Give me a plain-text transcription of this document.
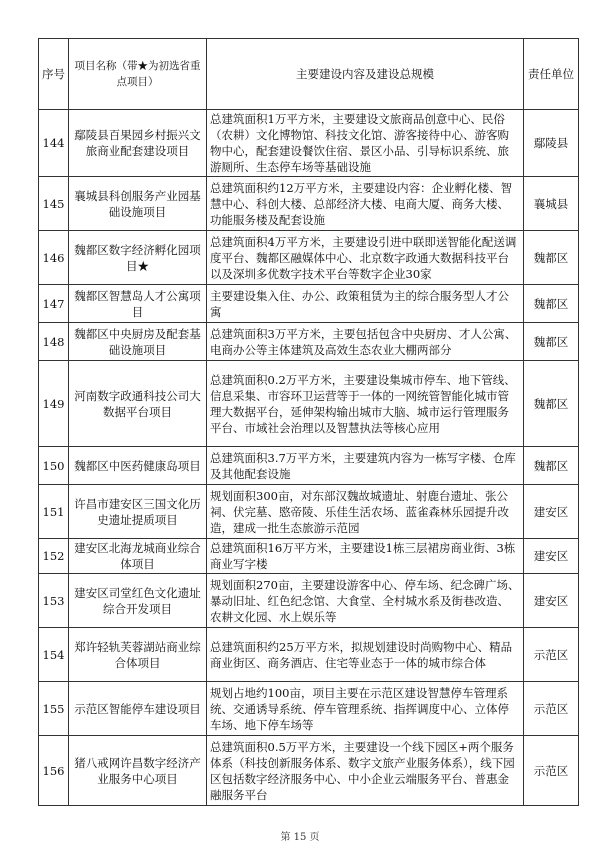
序号	项目名称（带★为初选省重点项目）	主要建设内容及建设总规模	责任单位
144	鄢陵县百果园乡村振兴文旅商业配套建设项目	总建筑面积1万平方米，主要建设文旅商品创意中心、民俗（农耕）文化博物馆、科技文化馆、游客接待中心、游客购物中心，配套建设餐饮住宿、景区小品、引导标识系统、旅游厕所、生态停车场等基础设施	鄢陵县
145	襄城县科创服务产业园基础设施项目	总建筑面积约12万平方米，主要建设内容：企业孵化楼、智慧中心、科创大楼、总部经济大楼、电商大厦、商务大楼、功能服务楼及配套设施	襄城县
146	魏都区数字经济孵化园项目★	总建筑面积4万平方米，主要建设引进中联即送智能化配送调度平台、魏都区融媒体中心、北京数字政通大数据科技平台以及深圳多优数字技术平台等数字企业30家	魏都区
147	魏都区智慧岛人才公寓项目	主要建设集入住、办公、政策租赁为主的综合服务型人才公寓	魏都区
148	魏都区中央厨房及配套基础设施项目	总建筑面积3万平方米，主要包括包含中央厨房、才人公寓、电商办公等主体建筑及高效生态农业大棚两部分	魏都区
149	河南数字政通科技公司大数据平台项目	总建筑面积0.2万平方米，主要建设集城市停车、地下管线、信息采集、市容环卫运营等于一体的一网统管智能化城市管理大数据平台，延伸架构输出城市大脑、城市运行管理服务平台、市域社会治理以及智慧执法等核心应用	魏都区
150	魏都区中医药健康岛项目	总建筑面积3.7万平方米，主要建筑内容为一栋写字楼、仓库及其他配套设施	魏都区
151	许昌市建安区三国文化历史遗址提质项目	规划面积300亩，对东部汉魏故城遗址、射鹿台遗址、张公祠、伏完墓、愍帝陵、乐佳生活农场、蓝雀森林乐园提升改造，建成一批生态旅游示范园	建安区
152	建安区北海龙城商业综合体项目	总建筑面积16万平方米，主要建设1栋三层裙房商业街、3栋商业写字楼	建安区
153	建安区司堂红色文化遗址综合开发项目	规划面积270亩，主要建设游客中心、停车场、纪念碑广场、暴动旧址、红色纪念馆、大食堂、全村城水系及街巷改造、农耕文化园、水上娱乐等	建安区
154	郑许轻轨芙蓉湖站商业综合体项目	总建筑面积约25万平方米，拟规划建设时尚购物中心、精品商业街区、商务酒店、住宅等业态于一体的城市综合体	示范区
155	示范区智能停车建设项目	规划占地约100亩，项目主要在示范区建设智慧停车管理系统、交通诱导系统、停车管理系统、指挥调度中心、立体停车场、地下停车场等	示范区
156	猪八戒网许昌数字经济产业服务中心项目	总建筑面积0.5万平方米，主要建设一个线下园区+两个服务体系（科技创新服务体系、数字文旅产业服务体系），线下园区包括数字经济服务中心、中小企业云端服务平台、普惠金融服务平台	示范区
第 15 页
